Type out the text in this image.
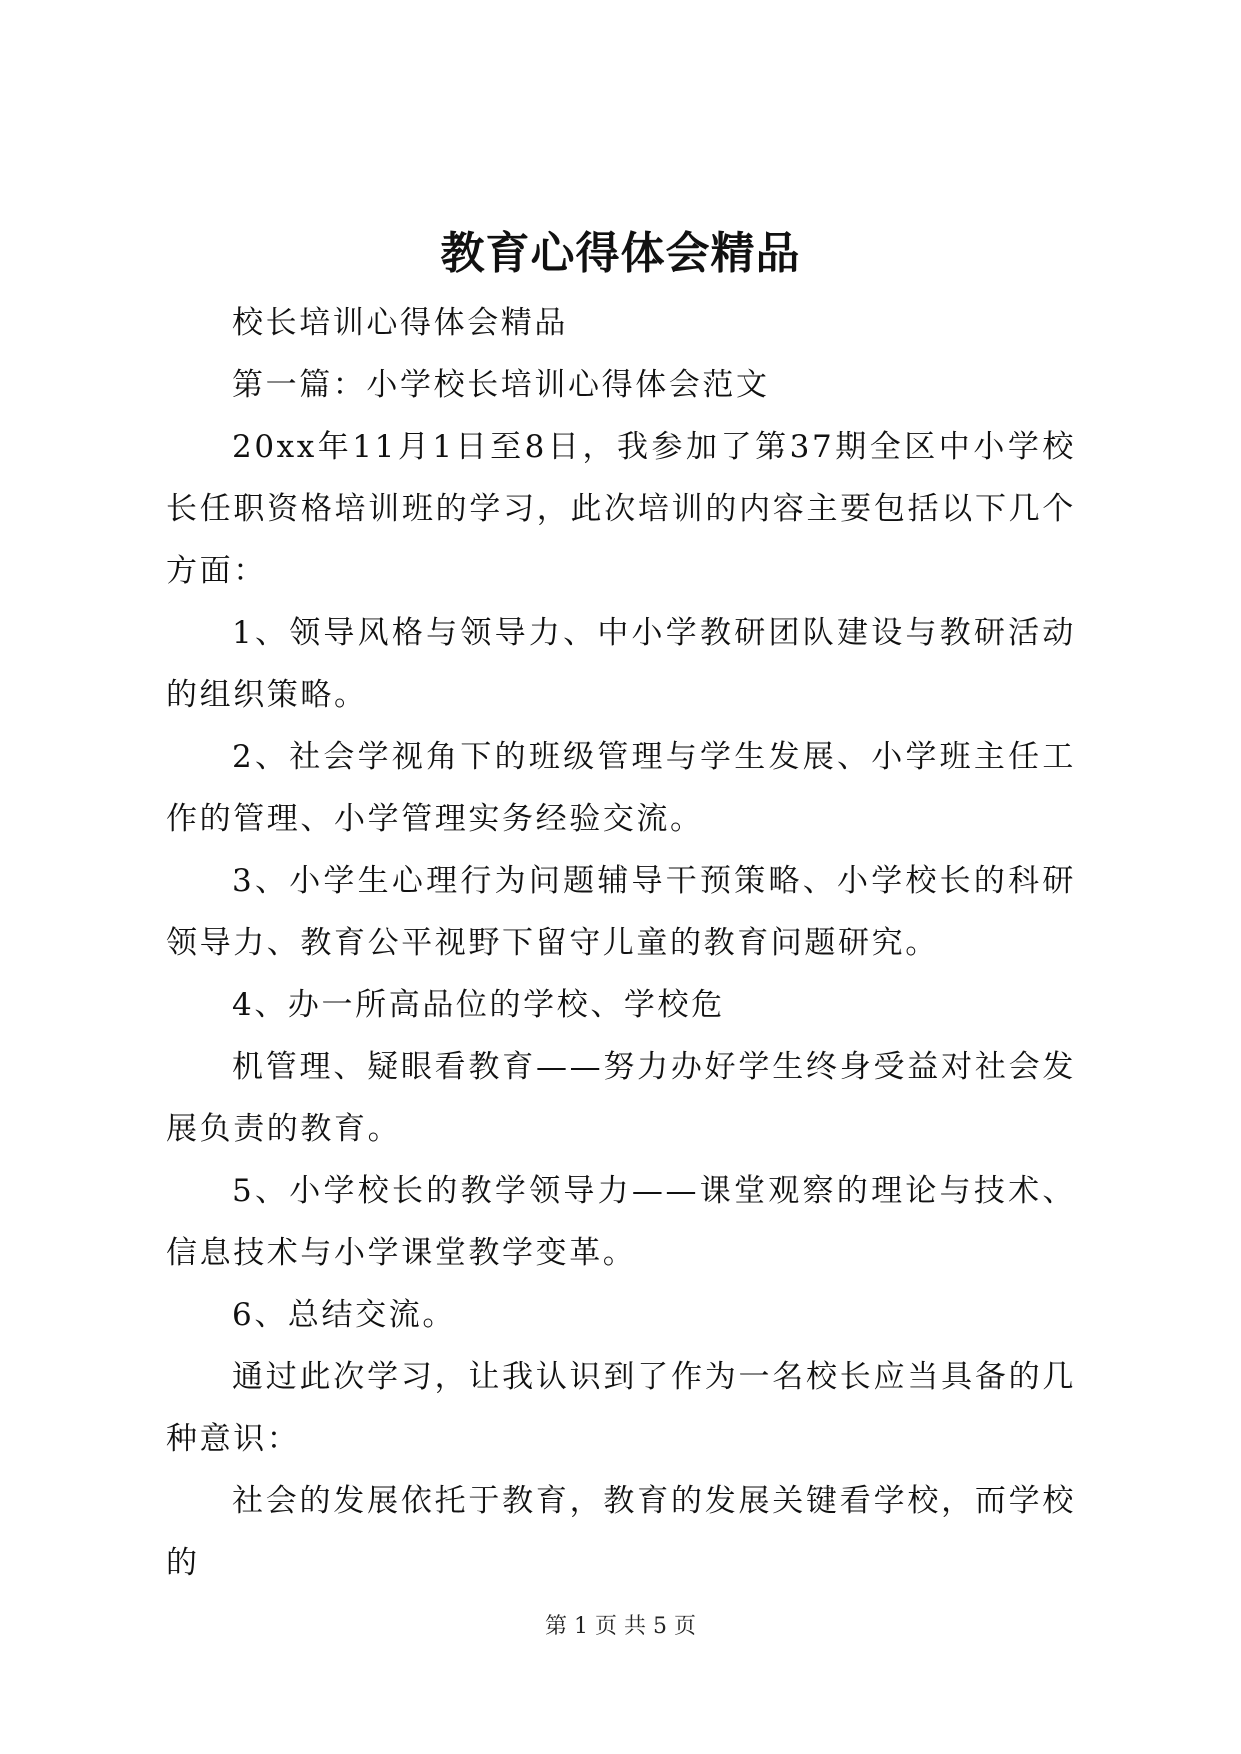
教育心得体会精品

校长培训心得体会精品

第一篇：小学校长培训心得体会范文

20xx年11月1日至8日，我参加了第37期全区中小学校长任职资格培训班的学习，此次培训的内容主要包括以下几个方面：

1、领导风格与领导力、中小学教研团队建设与教研活动的组织策略。

2、社会学视角下的班级管理与学生发展、小学班主任工作的管理、小学管理实务经验交流。

3、小学生心理行为问题辅导干预策略、小学校长的科研领导力、教育公平视野下留守儿童的教育问题研究。

4、办一所高品位的学校、学校危

机管理、疑眼看教育——努力办好学生终身受益对社会发展负责的教育。

5、小学校长的教学领导力——课堂观察的理论与技术、信息技术与小学课堂教学变革。

6、总结交流。

通过此次学习，让我认识到了作为一名校长应当具备的几种意识：

社会的发展依托于教育，教育的发展关键看学校，而学校的

第 1 页 共 5 页
